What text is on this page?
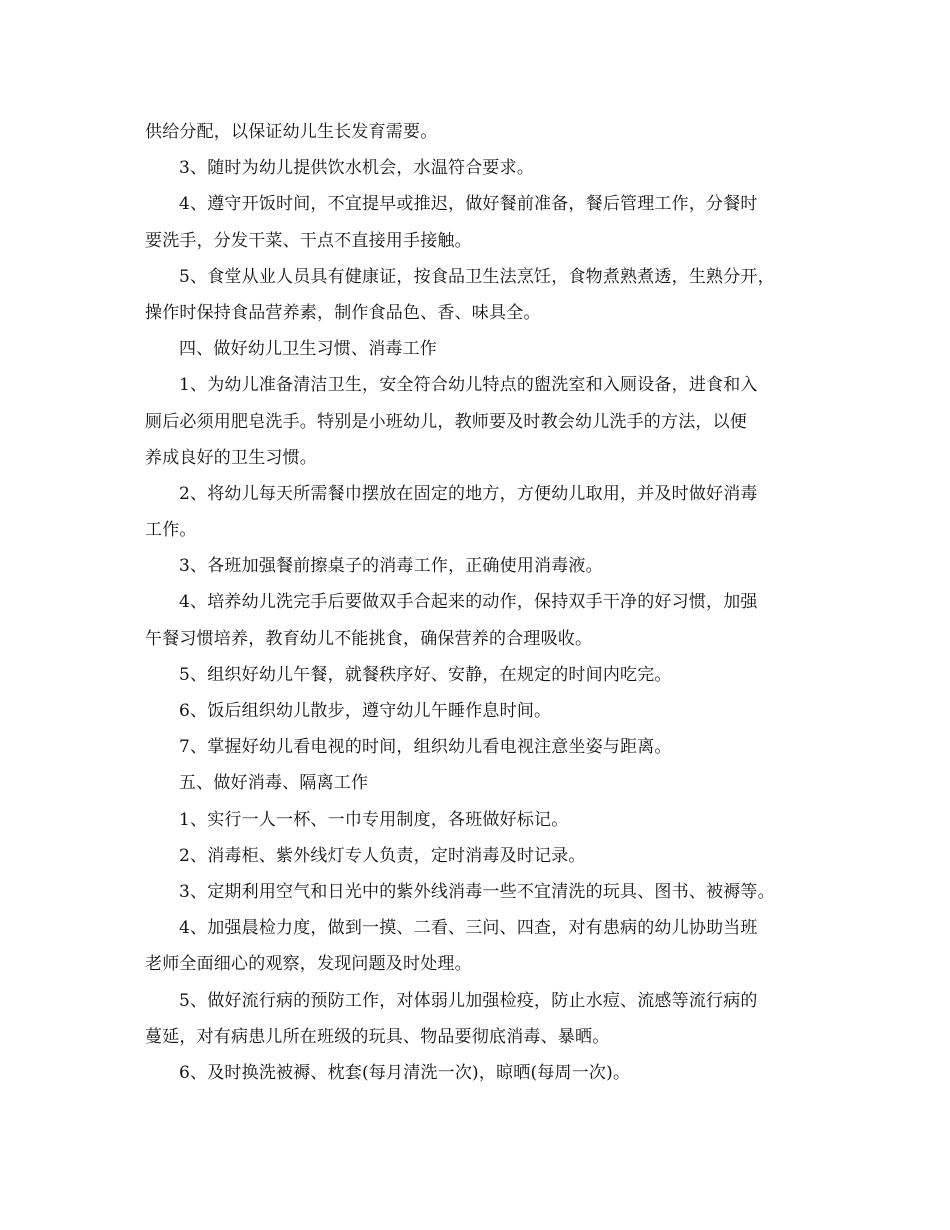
供给分配，以保证幼儿生长发育需要。
3、随时为幼儿提供饮水机会，水温符合要求。
4、遵守开饭时间，不宜提早或推迟，做好餐前准备，餐后管理工作，分餐时
要洗手，分发干菜、干点不直接用手接触。
5、食堂从业人员具有健康证，按食品卫生法烹饪，食物煮熟煮透，生熟分开，
操作时保持食品营养素，制作食品色、香、味具全。
四、做好幼儿卫生习惯、消毒工作
1、为幼儿准备清洁卫生，安全符合幼儿特点的盥洗室和入厕设备，进食和入
厕后必须用肥皂洗手。特别是小班幼儿，教师要及时教会幼儿洗手的方法，以便
养成良好的卫生习惯。
2、将幼儿每天所需餐巾摆放在固定的地方，方便幼儿取用，并及时做好消毒
工作。
3、各班加强餐前擦桌子的消毒工作，正确使用消毒液。
4、培养幼儿洗完手后要做双手合起来的动作，保持双手干净的好习惯，加强
午餐习惯培养，教育幼儿不能挑食，确保营养的合理吸收。
5、组织好幼儿午餐，就餐秩序好、安静，在规定的时间内吃完。
6、饭后组织幼儿散步，遵守幼儿午睡作息时间。
7、掌握好幼儿看电视的时间，组织幼儿看电视注意坐姿与距离。
五、做好消毒、隔离工作
1、实行一人一杯、一巾专用制度，各班做好标记。
2、消毒柜、紫外线灯专人负责，定时消毒及时记录。
3、定期利用空气和日光中的紫外线消毒一些不宜清洗的玩具、图书、被褥等。
4、加强晨检力度，做到一摸、二看、三问、四查，对有患病的幼儿协助当班
老师全面细心的观察，发现问题及时处理。
5、做好流行病的预防工作，对体弱儿加强检疫，防止水痘、流感等流行病的
蔓延，对有病患儿所在班级的玩具、物品要彻底消毒、暴晒。
6、及时换洗被褥、枕套(每月清洗一次)，晾晒(每周一次)。
